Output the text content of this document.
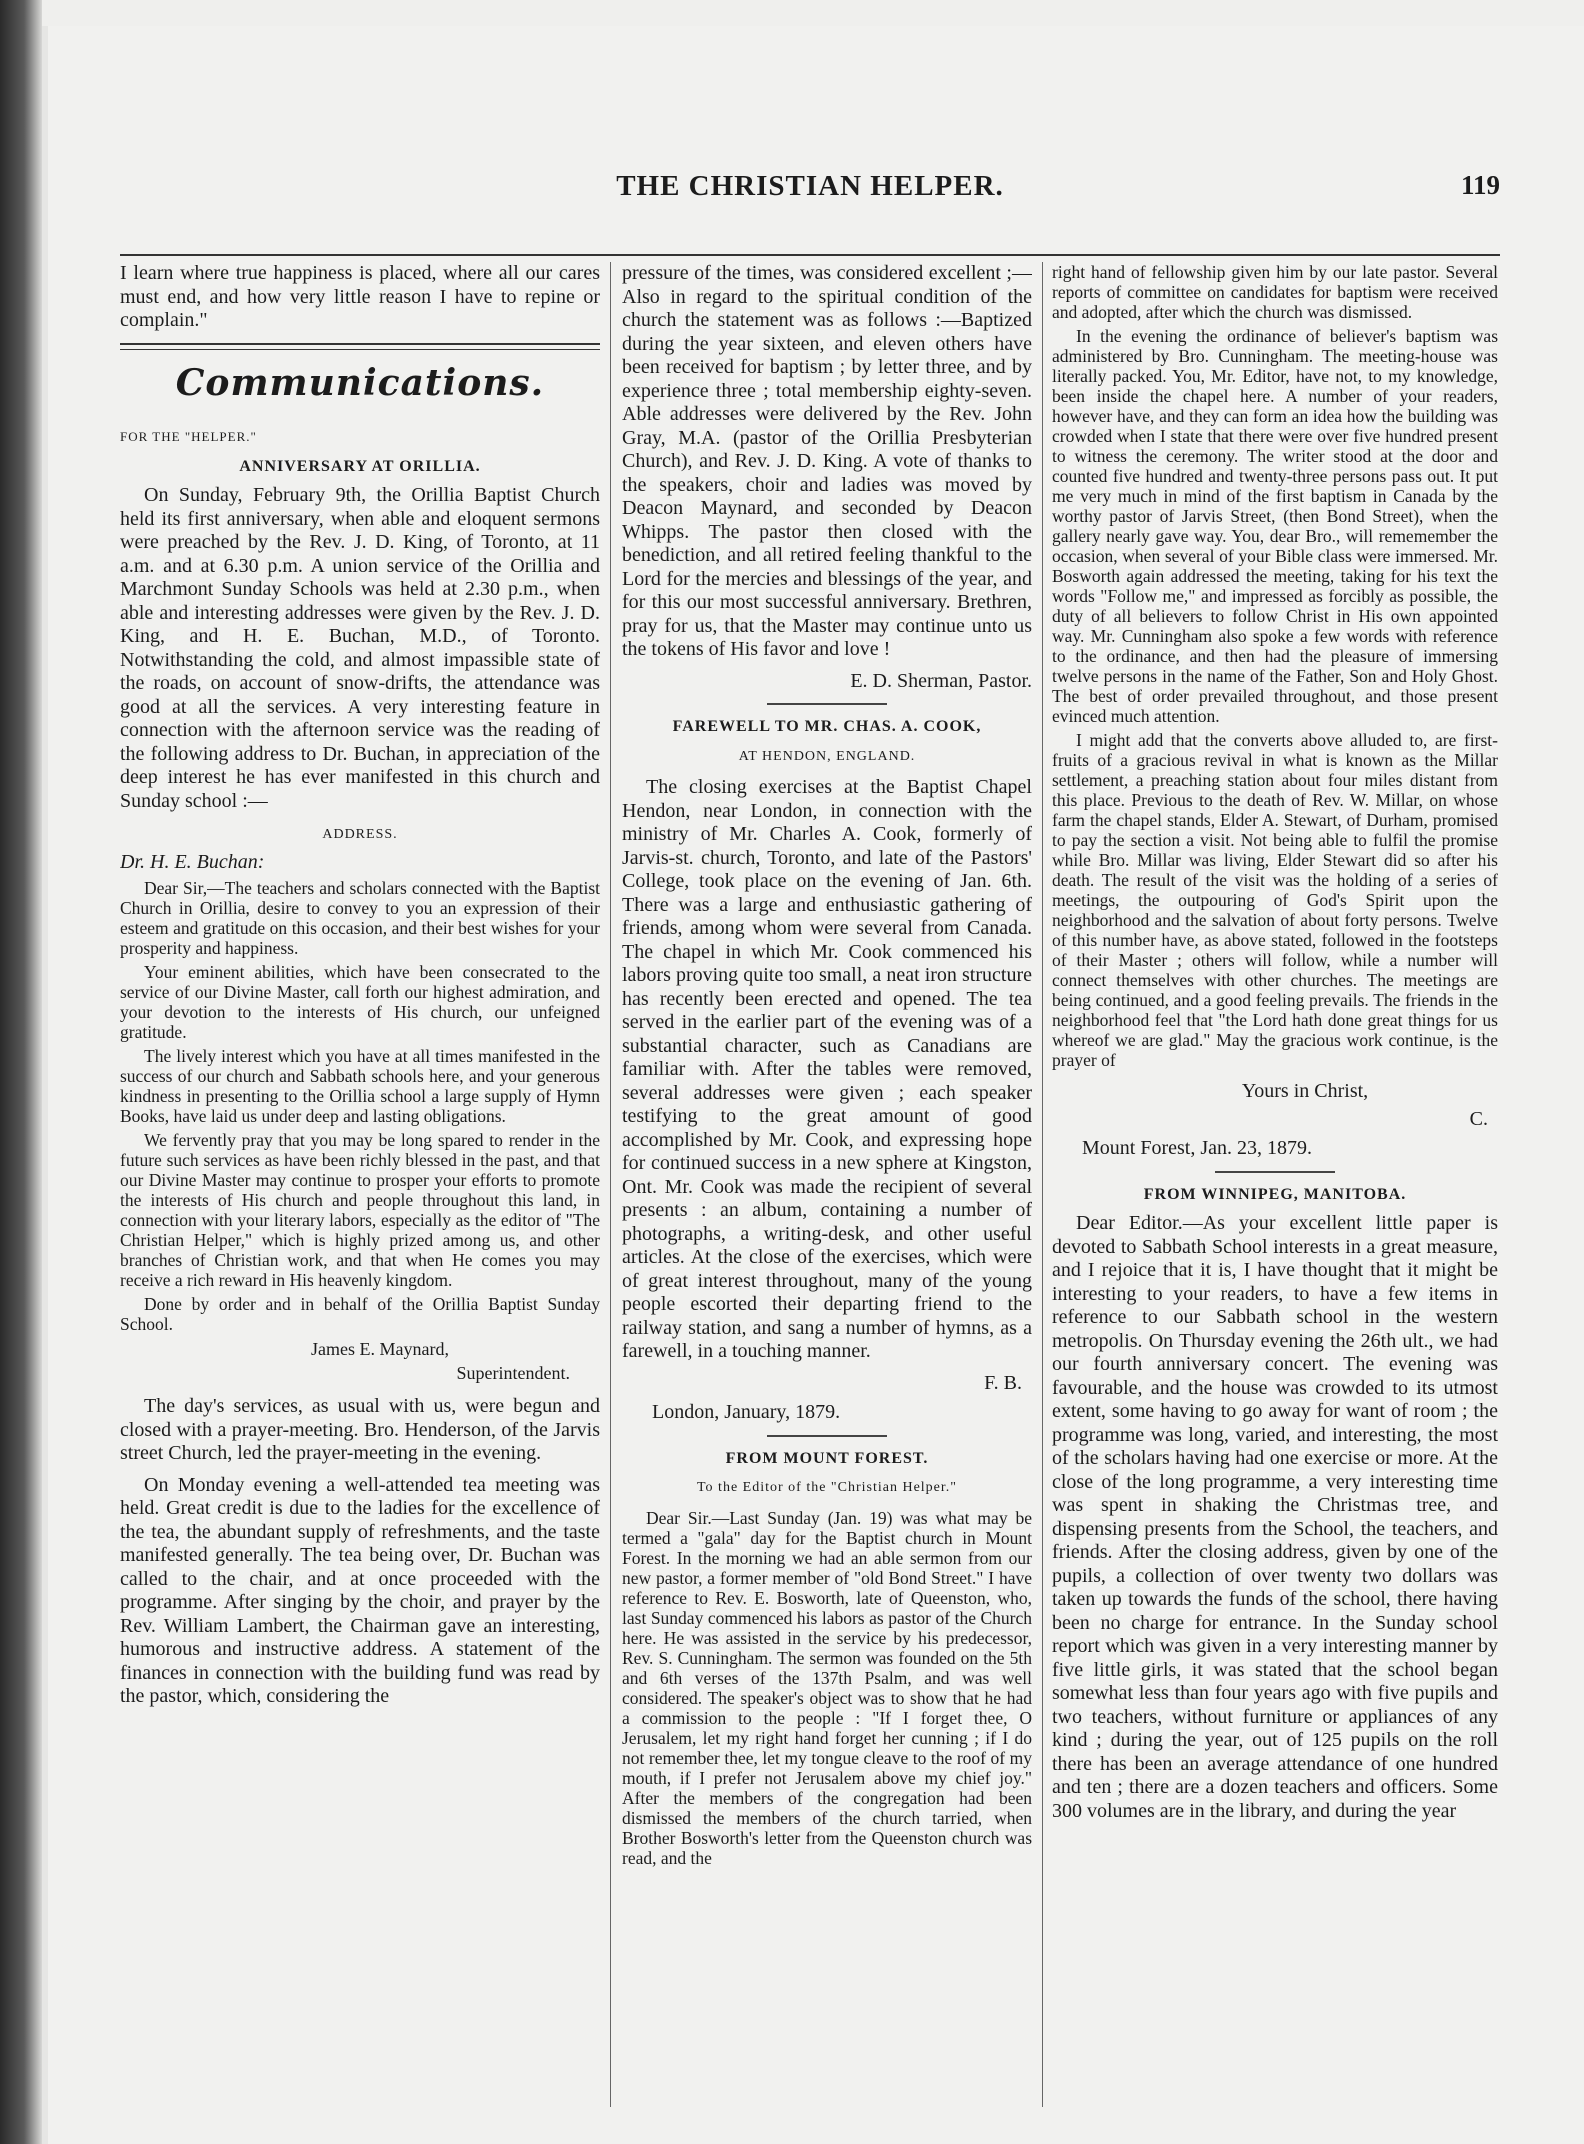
THE CHRISTIAN HELPER.	119

I learn where true happiness is placed, where all our cares must end, and how very little reason I have to repine or complain."

Communications.
FOR THE "HELPER."
ANNIVERSARY AT ORILLIA.

On Sunday, February 9th, the Orillia Baptist Church held its first anniversary, when able and eloquent sermons were preached by the Rev. J. D. King, of Toronto, at 11 a.m. and at 6.30 p.m. A union service of the Orillia and Marchmont Sunday Schools was held at 2.30 p.m., when able and interesting addresses were given by the Rev. J. D. King, and H. E. Buchan, M.D., of Toronto. Notwithstanding the cold, and almost impassible state of the roads, on account of snow-drifts, the attendance was good at all the services. A very interesting feature in connection with the afternoon service was the reading of the following address to Dr. Buchan, in appreciation of the deep interest he has ever manifested in this church and Sunday school :—

ADDRESS.
Dr. H. E. Buchan:

Dear Sir,—The teachers and scholars connected with the Baptist Church in Orillia, desire to convey to you an expression of their esteem and gratitude on this occasion, and their best wishes for your prosperity and happiness.

Your eminent abilities, which have been consecrated to the service of our Divine Master, call forth our highest admiration, and your devotion to the interests of His church, our unfeigned gratitude.

The lively interest which you have at all times manifested in the success of our church and Sabbath schools here, and your generous kindness in presenting to the Orillia school a large supply of Hymn Books, have laid us under deep and lasting obligations.

We fervently pray that you may be long spared to render in the future such services as have been richly blessed in the past, and that our Divine Master may continue to prosper your efforts to promote the interests of His church and people throughout this land, in connection with your literary labors, especially as the editor of "The Christian Helper," which is highly prized among us, and other branches of Christian work, and that when He comes you may receive a rich reward in His heavenly kingdom.

Done by order and in behalf of the Orillia Baptist Sunday School.

James E. Maynard,
Superintendent.

The day's services, as usual with us, were begun and closed with a prayer-meeting. Bro. Henderson, of the Jarvis street Church, led the prayer-meeting in the evening.

On Monday evening a well-attended tea meeting was held. Great credit is due to the ladies for the excellence of the tea, the abundant supply of refreshments, and the taste manifested generally. The tea being over, Dr. Buchan was called to the chair, and at once proceeded with the programme. After singing by the choir, and prayer by the Rev. William Lambert, the Chairman gave an interesting, humorous and instructive address. A statement of the finances in connection with the building fund was read by the pastor, which, considering the

pressure of the times, was considered excellent ;—Also in regard to the spiritual condition of the church the statement was as follows :—Baptized during the year sixteen, and eleven others have been received for baptism ; by letter three, and by experience three ; total membership eighty-seven. Able addresses were delivered by the Rev. John Gray, M.A. (pastor of the Orillia Presbyterian Church), and Rev. J. D. King. A vote of thanks to the speakers, choir and ladies was moved by Deacon Maynard, and seconded by Deacon Whipps. The pastor then closed with the benediction, and all retired feeling thankful to the Lord for the mercies and blessings of the year, and for this our most successful anniversary. Brethren, pray for us, that the Master may continue unto us the tokens of His favor and love !

E. D. Sherman, Pastor.
FAREWELL TO MR. CHAS. A. COOK,
AT HENDON, ENGLAND.

The closing exercises at the Baptist Chapel Hendon, near London, in connection with the ministry of Mr. Charles A. Cook, formerly of Jarvis-st. church, Toronto, and late of the Pastors' College, took place on the evening of Jan. 6th. There was a large and enthusiastic gathering of friends, among whom were several from Canada. The chapel in which Mr. Cook commenced his labors proving quite too small, a neat iron structure has recently been erected and opened. The tea served in the earlier part of the evening was of a substantial character, such as Canadians are familiar with. After the tables were removed, several addresses were given ; each speaker testifying to the great amount of good accomplished by Mr. Cook, and expressing hope for continued success in a new sphere at Kingston, Ont. Mr. Cook was made the recipient of several presents : an album, containing a number of photographs, a writing-desk, and other useful articles. At the close of the exercises, which were of great interest throughout, many of the young people escorted their departing friend to the railway station, and sang a number of hymns, as a farewell, in a touching manner.

F. B.
London, January, 1879.
FROM MOUNT FOREST.
To the Editor of the "Christian Helper."

Dear Sir.—Last Sunday (Jan. 19) was what may be termed a "gala" day for the Baptist church in Mount Forest. In the morning we had an able sermon from our new pastor, a former member of "old Bond Street." I have reference to Rev. E. Bosworth, late of Queenston, who, last Sunday commenced his labors as pastor of the Church here. He was assisted in the service by his predecessor, Rev. S. Cunningham. The sermon was founded on the 5th and 6th verses of the 137th Psalm, and was well considered. The speaker's object was to show that he had a commission to the people : "If I forget thee, O Jerusalem, let my right hand forget her cunning ; if I do not remember thee, let my tongue cleave to the roof of my mouth, if I prefer not Jerusalem above my chief joy." After the members of the congregation had been dismissed the members of the church tarried, when Brother Bosworth's letter from the Queenston church was read, and the

right hand of fellowship given him by our late pastor. Several reports of committee on candidates for baptism were received and adopted, after which the church was dismissed.

In the evening the ordinance of believer's baptism was administered by Bro. Cunningham. The meeting-house was literally packed. You, Mr. Editor, have not, to my knowledge, been inside the chapel here. A number of your readers, however have, and they can form an idea how the building was crowded when I state that there were over five hundred present to witness the ceremony. The writer stood at the door and counted five hundred and twenty-three persons pass out. It put me very much in mind of the first baptism in Canada by the worthy pastor of Jarvis Street, (then Bond Street), when the gallery nearly gave way. You, dear Bro., will rememember the occasion, when several of your Bible class were immersed. Mr. Bosworth again addressed the meeting, taking for his text the words "Follow me," and impressed as forcibly as possible, the duty of all believers to follow Christ in His own appointed way. Mr. Cunningham also spoke a few words with reference to the ordinance, and then had the pleasure of immersing twelve persons in the name of the Father, Son and Holy Ghost. The best of order prevailed throughout, and those present evinced much attention.

I might add that the converts above alluded to, are first-fruits of a gracious revival in what is known as the Millar settlement, a preaching station about four miles distant from this place. Previous to the death of Rev. W. Millar, on whose farm the chapel stands, Elder A. Stewart, of Durham, promised to pay the section a visit. Not being able to fulfil the promise while Bro. Millar was living, Elder Stewart did so after his death. The result of the visit was the holding of a series of meetings, the outpouring of God's Spirit upon the neighborhood and the salvation of about forty persons. Twelve of this number have, as above stated, followed in the footsteps of their Master ; others will follow, while a number will connect themselves with other churches. The meetings are being continued, and a good feeling prevails. The friends in the neighborhood feel that "the Lord hath done great things for us whereof we are glad." May the gracious work continue, is the prayer of

Yours in Christ,
C.
Mount Forest, Jan. 23, 1879.
FROM WINNIPEG, MANITOBA.

Dear Editor.—As your excellent little paper is devoted to Sabbath School interests in a great measure, and I rejoice that it is, I have thought that it might be interesting to your readers, to have a few items in reference to our Sabbath school in the western metropolis. On Thursday evening the 26th ult., we had our fourth anniversary concert. The evening was favourable, and the house was crowded to its utmost extent, some having to go away for want of room ; the programme was long, varied, and interesting, the most of the scholars having had one exercise or more. At the close of the long programme, a very interesting time was spent in shaking the Christmas tree, and dispensing presents from the School, the teachers, and friends. After the closing address, given by one of the pupils, a collection of over twenty two dollars was taken up towards the funds of the school, there having been no charge for entrance. In the Sunday school report which was given in a very interesting manner by five little girls, it was stated that the school began somewhat less than four years ago with five pupils and two teachers, without furniture or appliances of any kind ; during the year, out of 125 pupils on the roll there has been an average attendance of one hundred and ten ; there are a dozen teachers and officers. Some 300 volumes are in the library, and during the year
